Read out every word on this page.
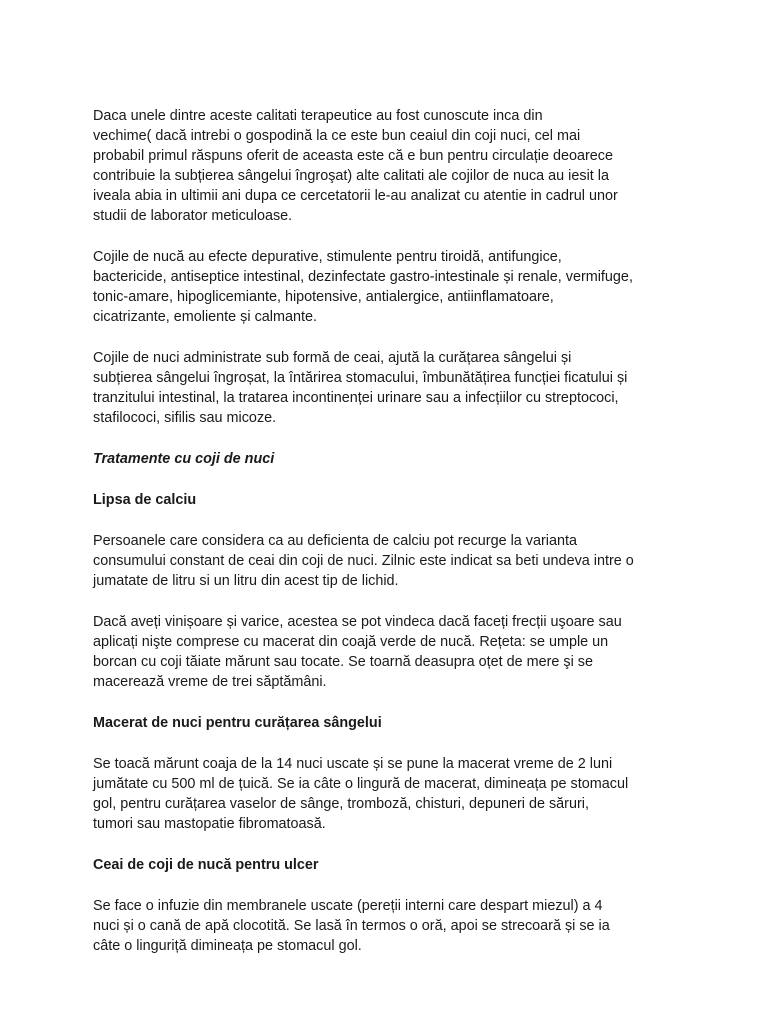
Daca unele dintre aceste calitati terapeutice au fost cunoscute inca din
vechime( dacă intrebi o gospodină la ce este bun ceaiul din coji nuci, cel mai
probabil primul răspuns oferit de aceasta este că e bun pentru circulație deoarece
contribuie la subțierea sângelui îngroşat) alte calitati ale cojilor de nuca au iesit la
iveala abia in ultimii ani dupa ce cercetatorii le-au analizat cu atentie in cadrul unor
studii de laborator meticuloase.

Cojile de nucă au efecte depurative, stimulente pentru tiroidă, antifungice,
bactericide, antiseptice intestinal, dezinfectate gastro-intestinale și renale, vermifuge,
tonic-amare, hipoglicemiante, hipotensive, antialergice, antiinflamatoare,
cicatrizante, emoliente și calmante.

Cojile de nuci administrate sub formă de ceai, ajută la curățarea sângelui și
subțierea sângelui îngroșat, la întărirea stomacului, îmbunătățirea funcției ficatului și
tranzitului intestinal, la tratarea incontinenței urinare sau a infecțiilor cu streptococi,
stafilococi, sifilis sau micoze.

Tratamente cu coji de nuci
Lipsa de calciu

Persoanele care considera ca au deficienta de calciu pot recurge la varianta
consumului constant de ceai din coji de nuci. Zilnic este indicat sa beti undeva intre o
jumatate de litru si un litru din acest tip de lichid.

Dacă aveți vinișoare și varice, acestea se pot vindeca dacă faceți frecții uşoare sau
aplicați nişte comprese cu macerat din coajă verde de nucă. Rețeta: se umple un
borcan cu coji tăiate mărunt sau tocate. Se toarnă deasupra oțet de mere şi se
macerează vreme de trei săptămâni.

Macerat de nuci pentru curățarea sângelui

Se toacă mărunt coaja de la 14 nuci uscate și se pune la macerat vreme de 2 luni
jumătate cu 500 ml de țuică. Se ia câte o lingură de macerat, dimineața pe stomacul
gol, pentru curățarea vaselor de sânge, tromboză, chisturi, depuneri de săruri,
tumori sau mastopatie fibromatoasă.

Ceai de coji de nucă pentru ulcer

Se face o infuzie din membranele uscate (pereții interni care despart miezul) a 4
nuci și o cană de apă clocotită. Se lasă în termos o oră, apoi se strecoară și se ia
câte o linguriță dimineața pe stomacul gol.
